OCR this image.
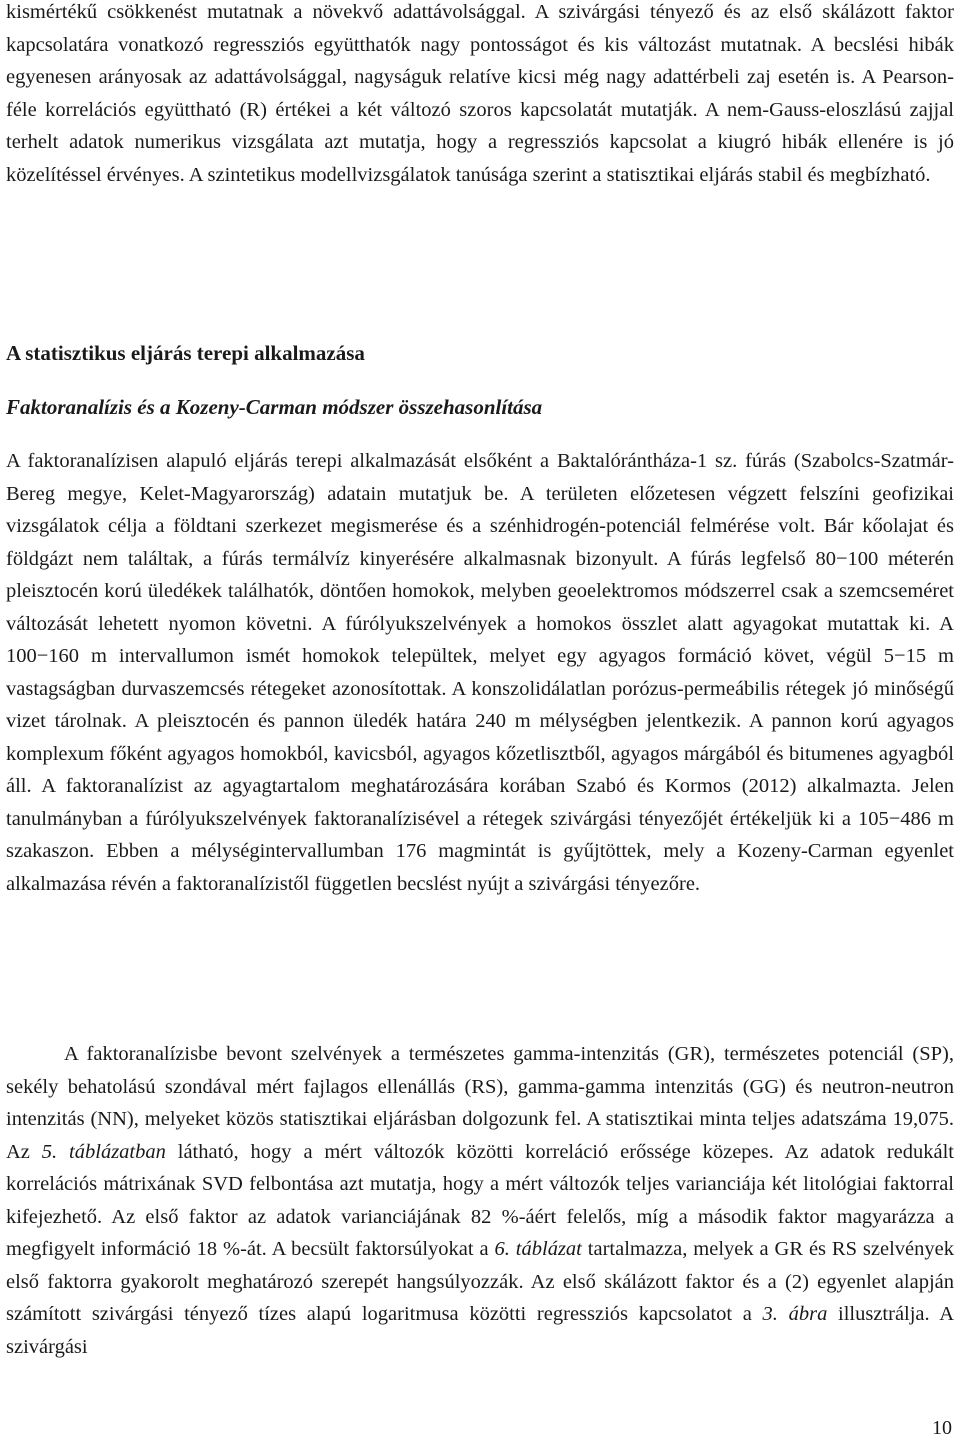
kismértékű csökkenést mutatnak a növekvő adattávolsággal. A szivárgási tényező és az első skálázott faktor kapcsolatára vonatkozó regressziós együtthatók nagy pontosságot és kis változást mutatnak. A becslési hibák egyenesen arányosak az adattávolsággal, nagyságuk relatíve kicsi még nagy adattérbeli zaj esetén is. A Pearson-féle korrelációs együttható (R) értékei a két változó szoros kapcsolatát mutatják. A nem-Gauss-eloszlású zajjal terhelt adatok numerikus vizsgálata azt mutatja, hogy a regressziós kapcsolat a kiugró hibák ellenére is jó közelítéssel érvényes. A szintetikus modellvizsgálatok tanúsága szerint a statisztikai eljárás stabil és megbízható.

A statisztikus eljárás terepi alkalmazása
Faktoranalízis és a Kozeny-Carman módszer összehasonlítása

A faktoranalízisen alapuló eljárás terepi alkalmazását elsőként a Baktalórántháza-1 sz. fúrás (Szabolcs-Szatmár-Bereg megye, Kelet-Magyarország) adatain mutatjuk be. A területen előzetesen végzett felszíni geofizikai vizsgálatok célja a földtani szerkezet megismerése és a szénhidrogén-potenciál felmérése volt. Bár kőolajat és földgázt nem találtak, a fúrás termálvíz kinyerésére alkalmasnak bizonyult. A fúrás legfelső 80−100 méterén pleisztocén korú üledékek találhatók, döntően homokok, melyben geoelektromos módszerrel csak a szemcseméret változását lehetett nyomon követni. A fúrólyukszelvények a homokos összlet alatt agyagokat mutattak ki. A 100−160 m intervallumon ismét homokok települtek, melyet egy agyagos formáció követ, végül 5−15 m vastagságban durvaszemcsés rétegeket azonosítottak. A konszolidálatlan porózus-permeábilis rétegek jó minőségű vizet tárolnak. A pleisztocén és pannon üledék határa 240 m mélységben jelentkezik. A pannon korú agyagos komplexum főként agyagos homokból, kavicsból, agyagos kőzetlisztből, agyagos márgából és bitumenes agyagból áll. A faktoranalízist az agyagtartalom meghatározására korában Szabó és Kormos (2012) alkalmazta. Jelen tanulmányban a fúrólyukszelvények faktoranalízisével a rétegek szivárgási tényezőjét értékeljük ki a 105−486 m szakaszon. Ebben a mélységintervallumban 176 magmintát is gyűjtöttek, mely a Kozeny-Carman egyenlet alkalmazása révén a faktoranalízistől független becslést nyújt a szivárgási tényezőre.

A faktoranalízisbe bevont szelvények a természetes gamma-intenzitás (GR), természetes potenciál (SP), sekély behatolású szondával mért fajlagos ellenállás (RS), gamma-gamma intenzitás (GG) és neutron-neutron intenzitás (NN), melyeket közös statisztikai eljárásban dolgozunk fel. A statisztikai minta teljes adatszáma 19,075. Az 5. táblázatban látható, hogy a mért változók közötti korreláció erőssége közepes. Az adatok redukált korrelációs mátrixának SVD felbontása azt mutatja, hogy a mért változók teljes varianciája két litológiai faktorral kifejezhető. Az első faktor az adatok varianciájának 82 %-áért felelős, míg a második faktor magyarázza a megfigyelt információ 18 %-át. A becsült faktorsúlyokat a 6. táblázat tartalmazza, melyek a GR és RS szelvények első faktorra gyakorolt meghatározó szerepét hangsúlyozzák. Az első skálázott faktor és a (2) egyenlet alapján számított szivárgási tényező tízes alapú logaritmusa közötti regressziós kapcsolatot a 3. ábra illusztrálja. A szivárgási

10
